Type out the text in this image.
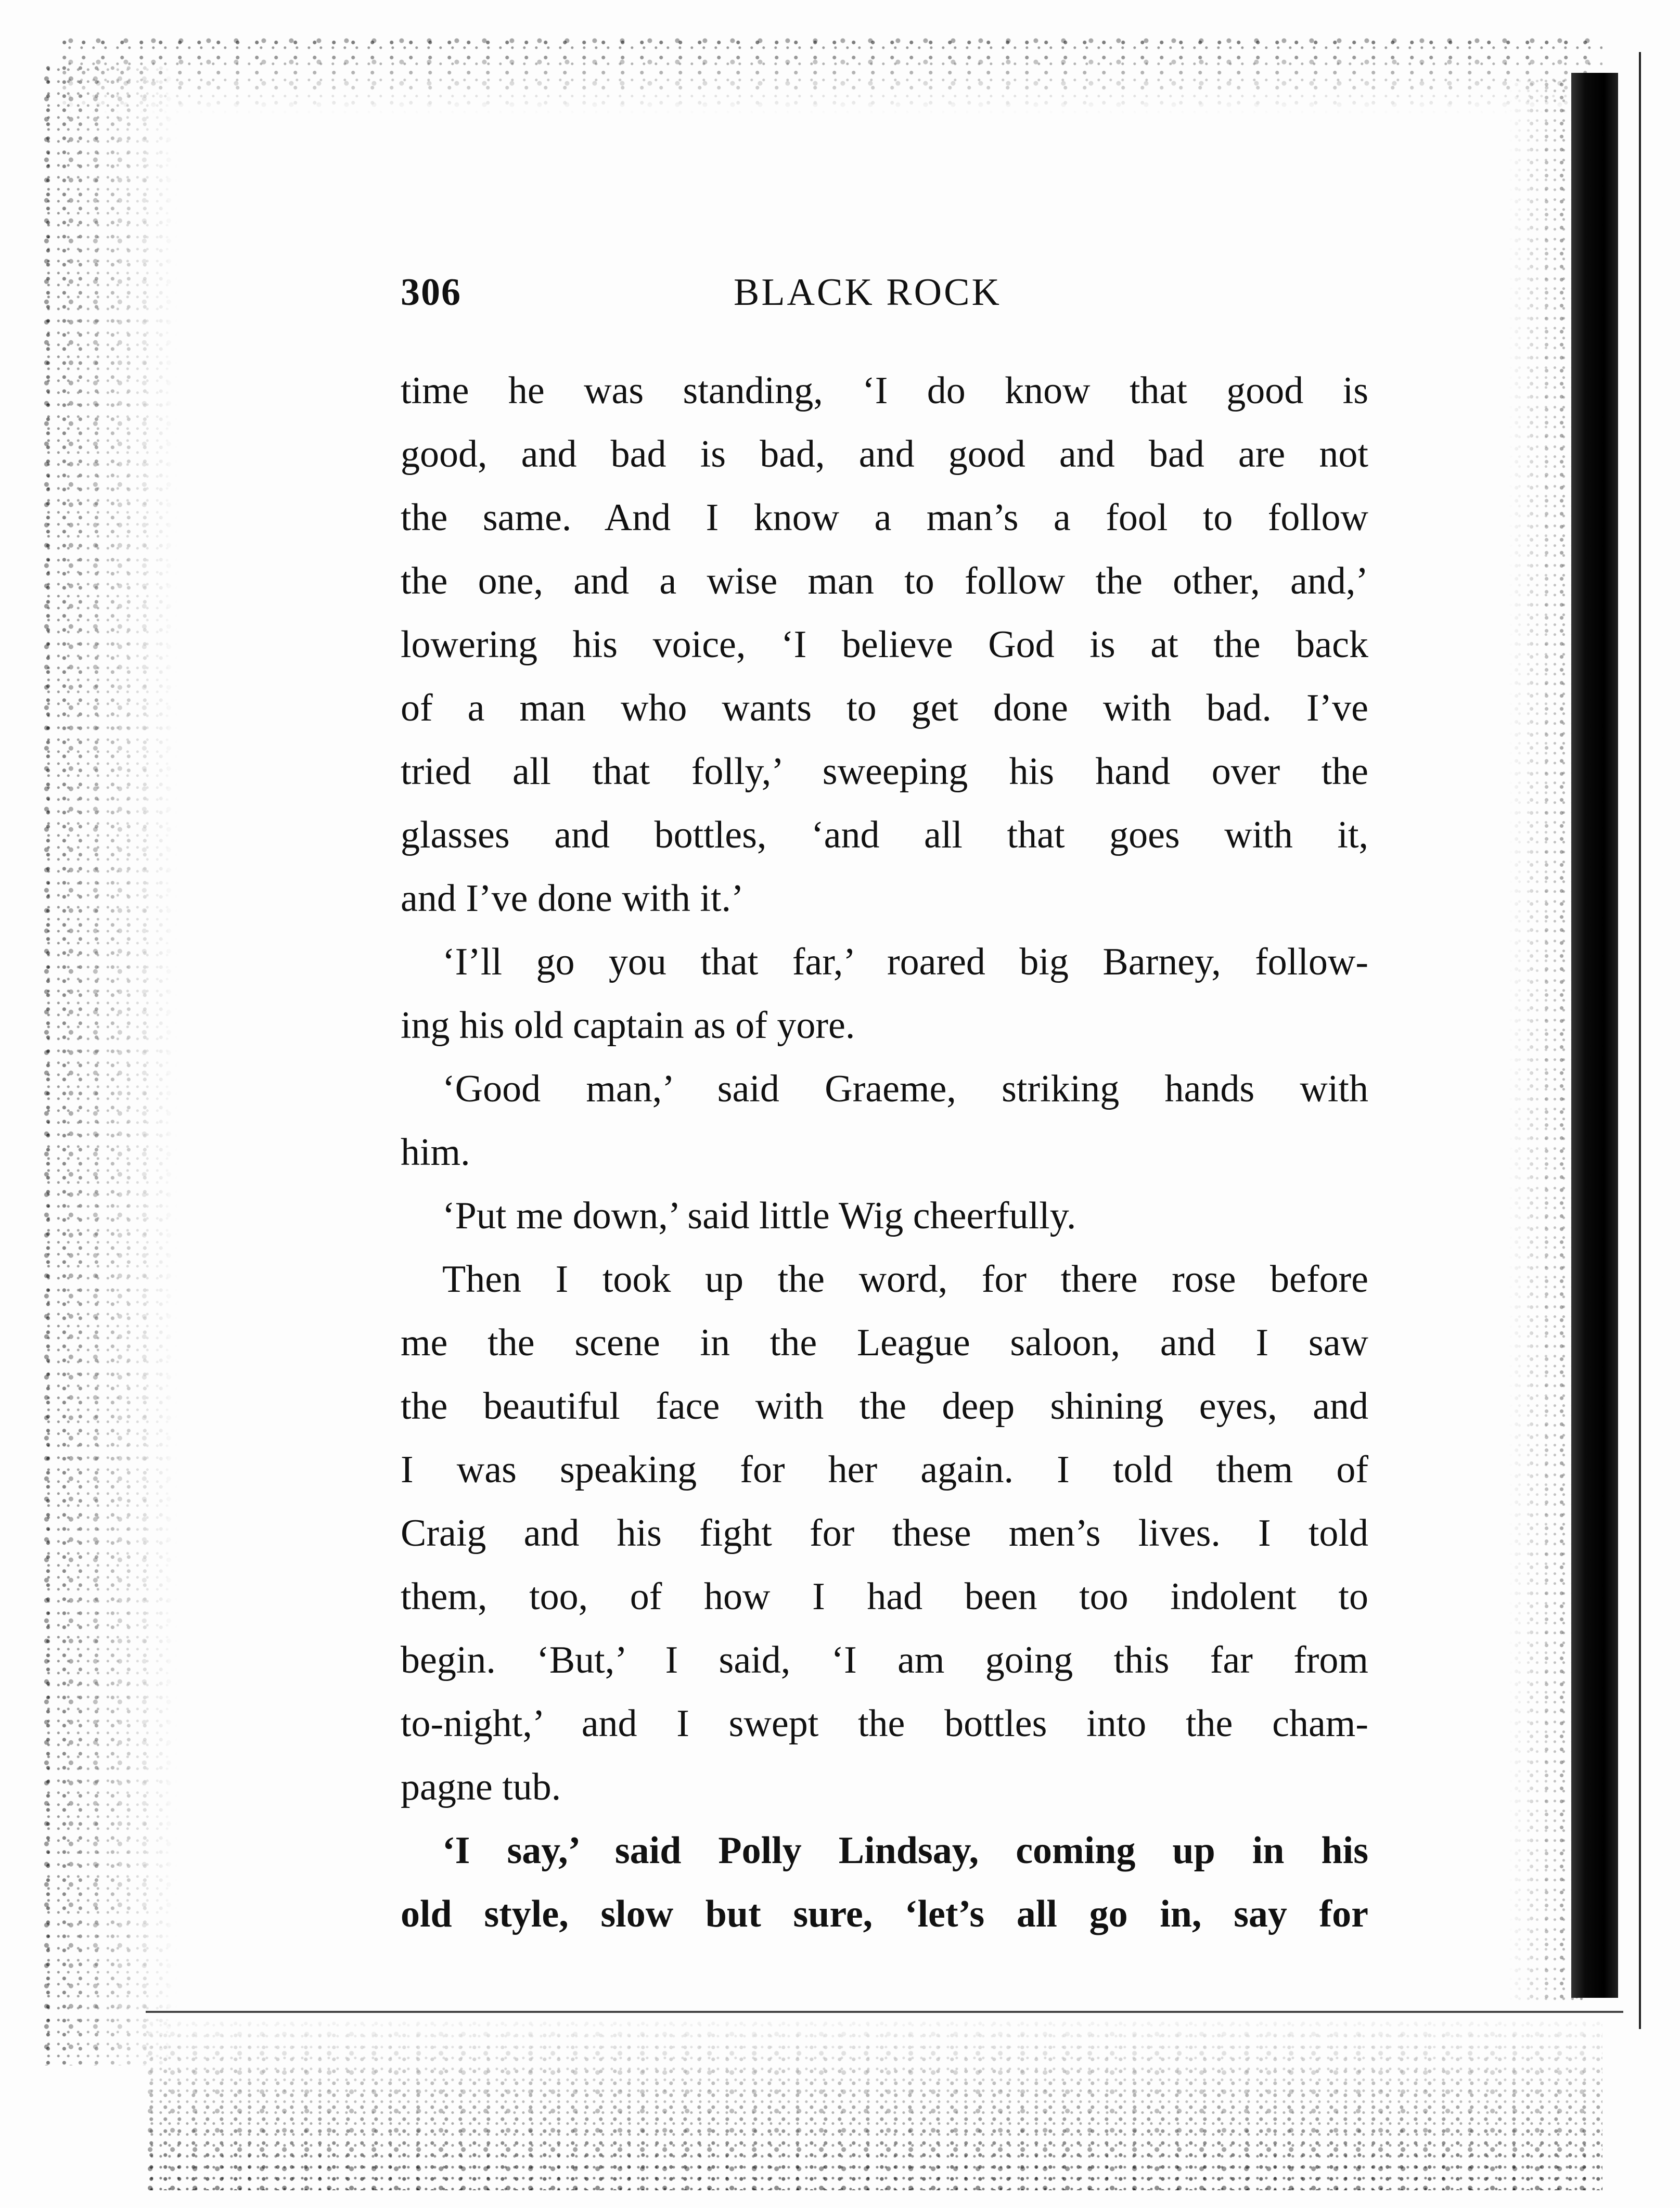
306	BLACK ROCK
time he was standing, ‘I do know that good is
good, and bad is bad, and good and bad are not
the same. And I know a man’s a fool to follow
the one, and a wise man to follow the other, and,’
lowering his voice, ‘I believe God is at the back
of a man who wants to get done with bad. I’ve
tried all that folly,’ sweeping his hand over the
glasses and bottles, ‘and all that goes with it,
and I’ve done with it.’
‘I’ll go you that far,’ roared big Barney, follow-
ing his old captain as of yore.
‘Good man,’ said Graeme, striking hands with
him.
‘Put me down,’ said little Wig cheerfully.
Then I took up the word, for there rose before
me the scene in the League saloon, and I saw
the beautiful face with the deep shining eyes, and
I was speaking for her again. I told them of
Craig and his fight for these men’s lives. I told
them, too, of how I had been too indolent to
begin. ‘But,’ I said, ‘I am going this far from
to-night,’ and I swept the bottles into the cham-
pagne tub.
‘I say,’ said Polly Lindsay, coming up in his
old style, slow but sure, ‘let’s all go in, say for
